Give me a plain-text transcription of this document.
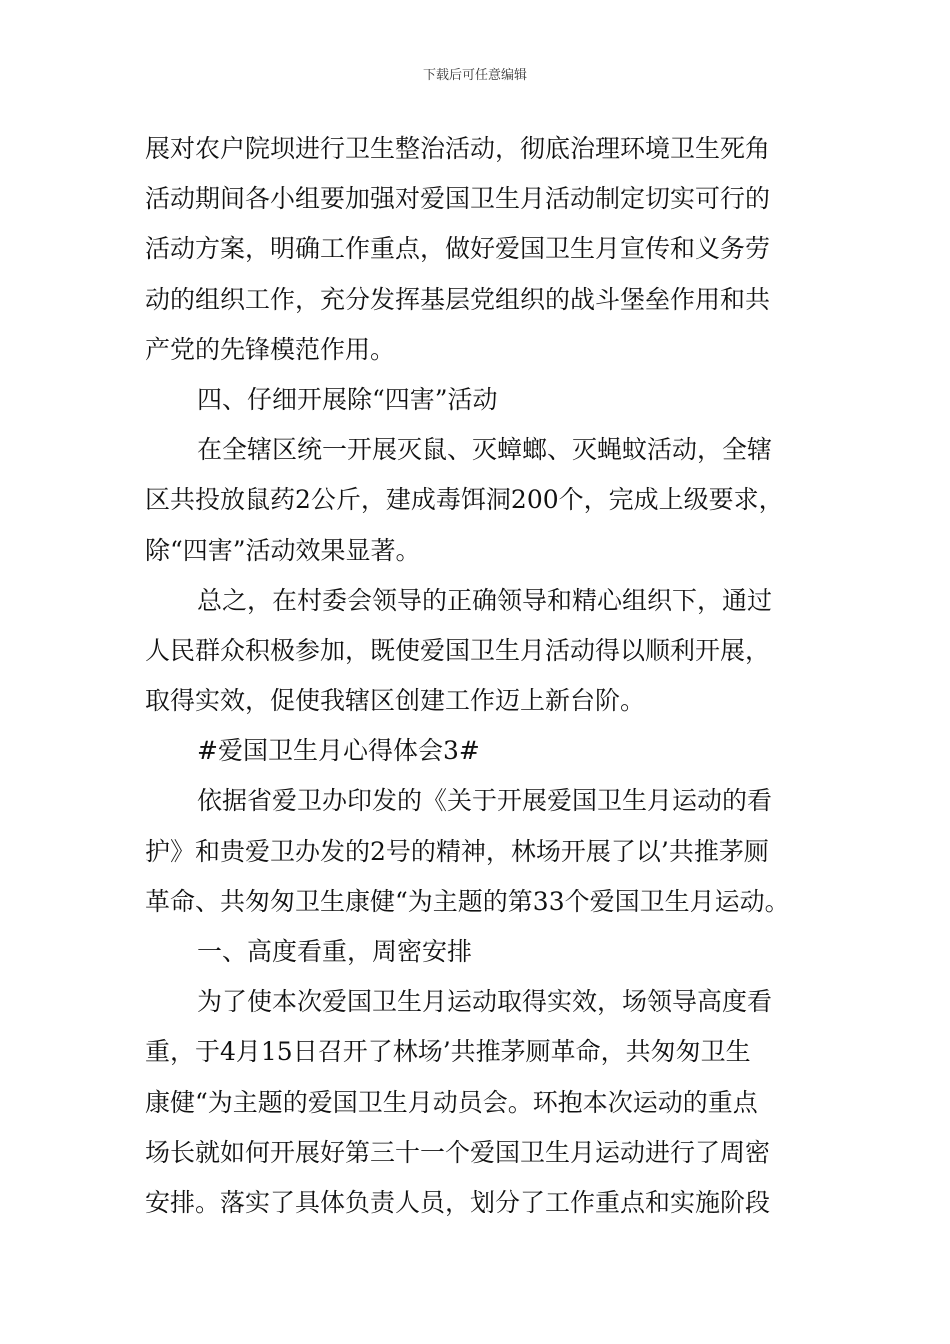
下载后可任意编辑
展对农户院坝进行卫生整治活动，彻底治理环境卫生死角
活动期间各小组要加强对爱国卫生月活动制定切实可行的
活动方案，明确工作重点，做好爱国卫生月宣传和义务劳
动的组织工作，充分发挥基层党组织的战斗堡垒作用和共
产党的先锋模范作用。
四、仔细开展除“四害”活动
在全辖区统一开展灭鼠、灭蟑螂、灭蝇蚊活动，全辖
区共投放鼠药2公斤，建成毒饵洞200个，完成上级要求，
除“四害”活动效果显著。
总之，在村委会领导的正确领导和精心组织下，通过
人民群众积极参加，既使爱国卫生月活动得以顺利开展，
取得实效，促使我辖区创建工作迈上新台阶。
#爱国卫生月心得体会3#
依据省爱卫办印发的《关于开展爱国卫生月运动的看
护》和贵爱卫办发的2号的精神，林场开展了以’共推茅厕
革命、共匆匆卫生康健“为主题的第33个爱国卫生月运动。
一、高度看重，周密安排
为了使本次爱国卫生月运动取得实效，场领导高度看
重，于4月15日召开了林场’共推茅厕革命，共匆匆卫生
康健“为主题的爱国卫生月动员会。环抱本次运动的重点
场长就如何开展好第三十一个爱国卫生月运动进行了周密
安排。落实了具体负责人员，划分了工作重点和实施阶段
